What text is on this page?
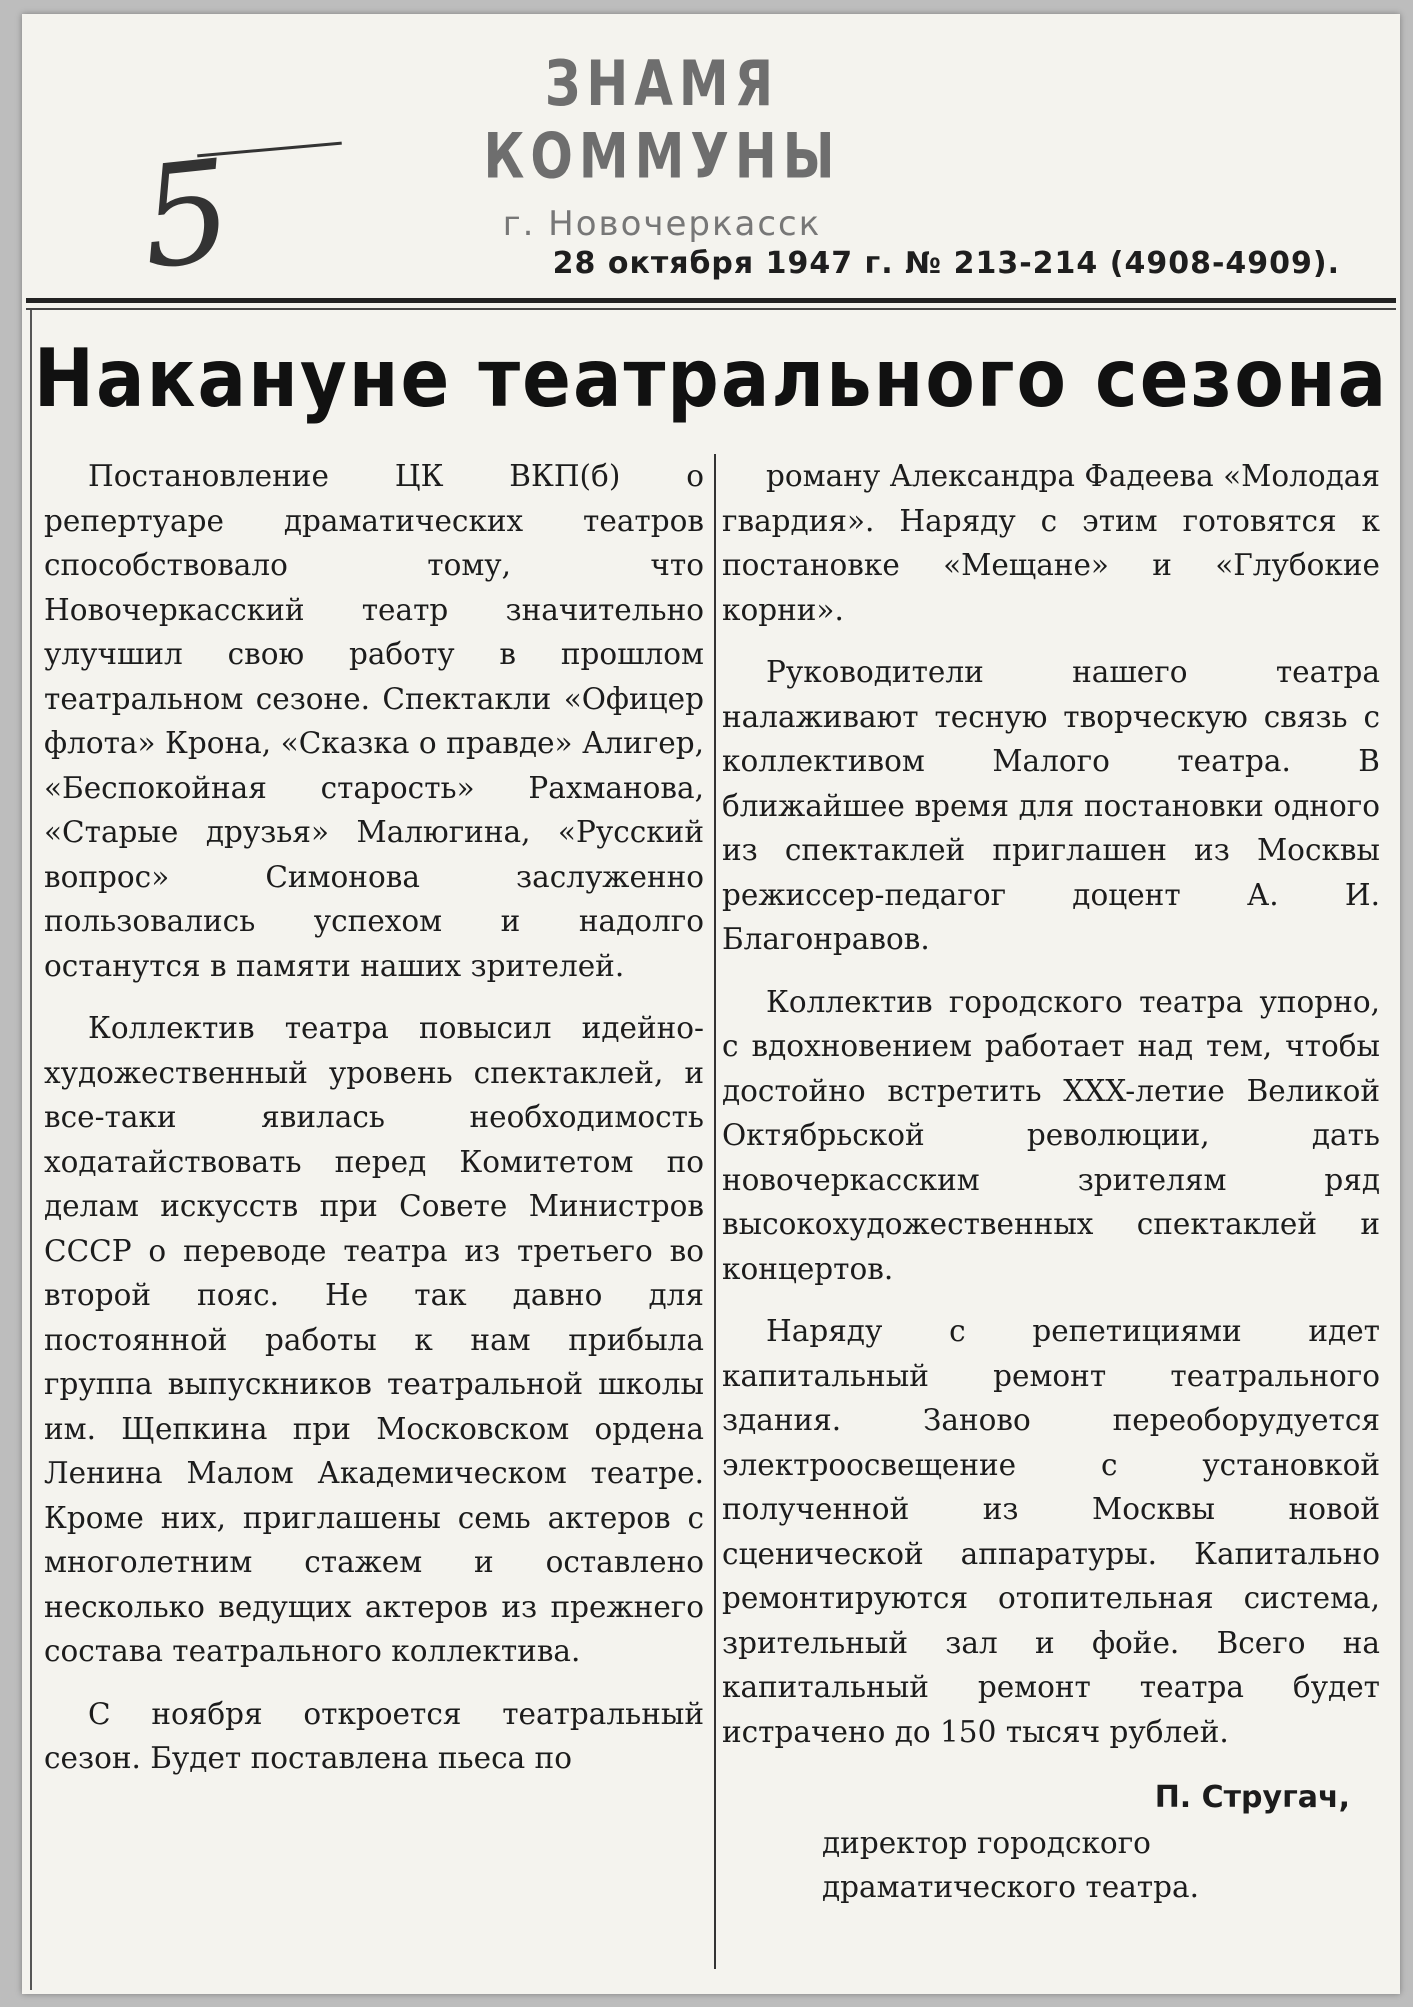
ЗНАМЯ КОММУНЫ
г. Новочеркасск
5	28 октября 1947 г. № 213-214 (4908-4909).
Накануне театрального сезона

Постановление ЦК ВКП(б) о репертуаре драматических театров способствовало тому, что Новочеркасский театр значительно улучшил свою работу в прошлом театральном сезоне. Спектакли «Офицер флота» Крона, «Сказка о правде» Алигер, «Беспокойная старость» Рахманова, «Старые друзья» Малюгина, «Русский вопрос» Симонова заслуженно пользовались успехом и надолго останутся в памяти наших зрителей.

Коллектив театра повысил идейно-художественный уровень спектаклей, и все-таки явилась необходимость ходатайствовать перед Комитетом по делам искусств при Совете Министров СССР о переводе театра из третьего во второй пояс. Не так давно для постоянной работы к нам прибыла группа выпускников театральной школы им. Щепкина при Московском ордена Ленина Малом Академическом театре. Кроме них, приглашены семь актеров с многолетним стажем и оставлено несколько ведущих актеров из прежнего состава театрального коллектива.

С ноября откроется театральный сезон. Будет поставлена пьеса по

роману Александра Фадеева «Молодая гвардия». Наряду с этим готовятся к постановке «Мещане» и «Глубокие корни».

Руководители нашего театра налаживают тесную творческую связь с коллективом Малого театра. В ближайшее время для постановки одного из спектаклей приглашен из Москвы режиссер-педагог доцент А. И. Благонравов.

Коллектив городского театра упорно, с вдохновением работает над тем, чтобы достойно встретить XXX-летие Великой Октябрьской революции, дать новочеркасским зрителям ряд высокохудожественных спектаклей и концертов.

Наряду с репетициями идет капитальный ремонт театрального здания. Заново переоборудуется электроосвещение с установкой полученной из Москвы новой сценической аппаратуры. Капитально ремонтируются отопительная система, зрительный зал и фойе. Всего на капитальный ремонт театра будет истрачено до 150 тысяч рублей.

П. Стругач,

директор городского драматического театра.
